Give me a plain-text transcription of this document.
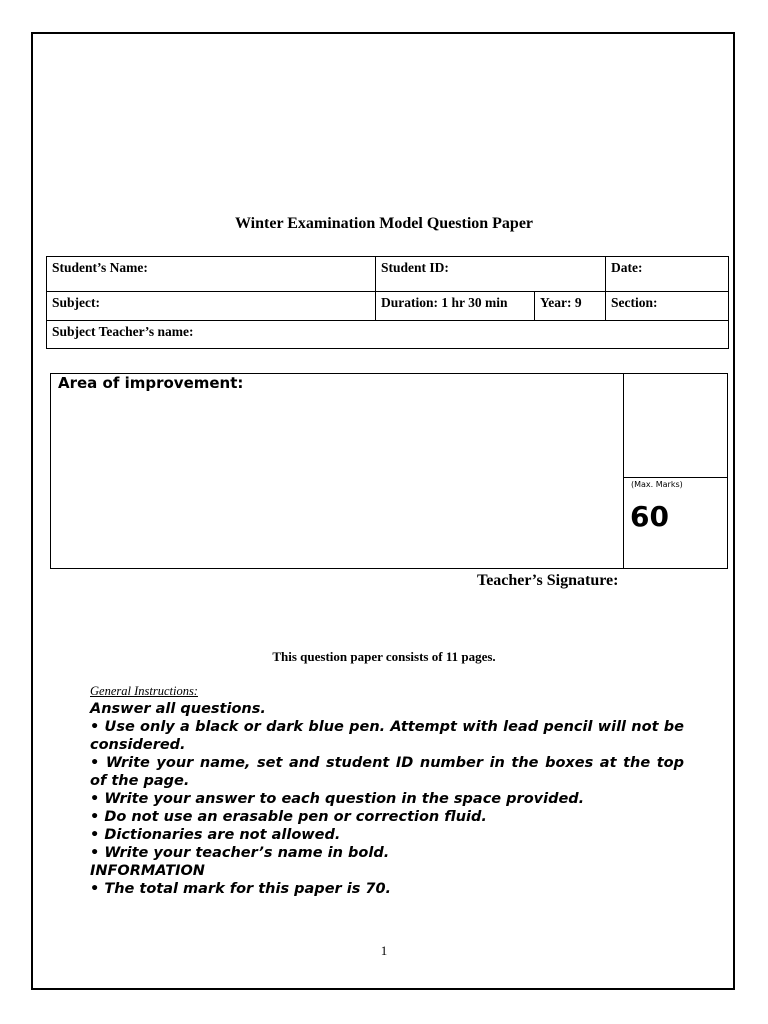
Winter Examination Model Question Paper
Student’s Name:	Student ID:		Date:
Subject:	Duration: 1 hr 30 min	Year: 9	Section:
Subject Teacher’s name:			
Area of improvement:
(Max. Marks)
60
Teacher’s Signature:
This question paper consists of 11 pages.
General Instructions:
Answer all questions.
• Use only a black or dark blue pen. Attempt with lead pencil will not be considered.
• Write your name, set and student ID number in the boxes at the top of the page.
• Write your answer to each question in the space provided.
• Do not use an erasable pen or correction fluid.
• Dictionaries are not allowed.
• Write your teacher’s name in bold.
INFORMATION
• The total mark for this paper is 70.
1
